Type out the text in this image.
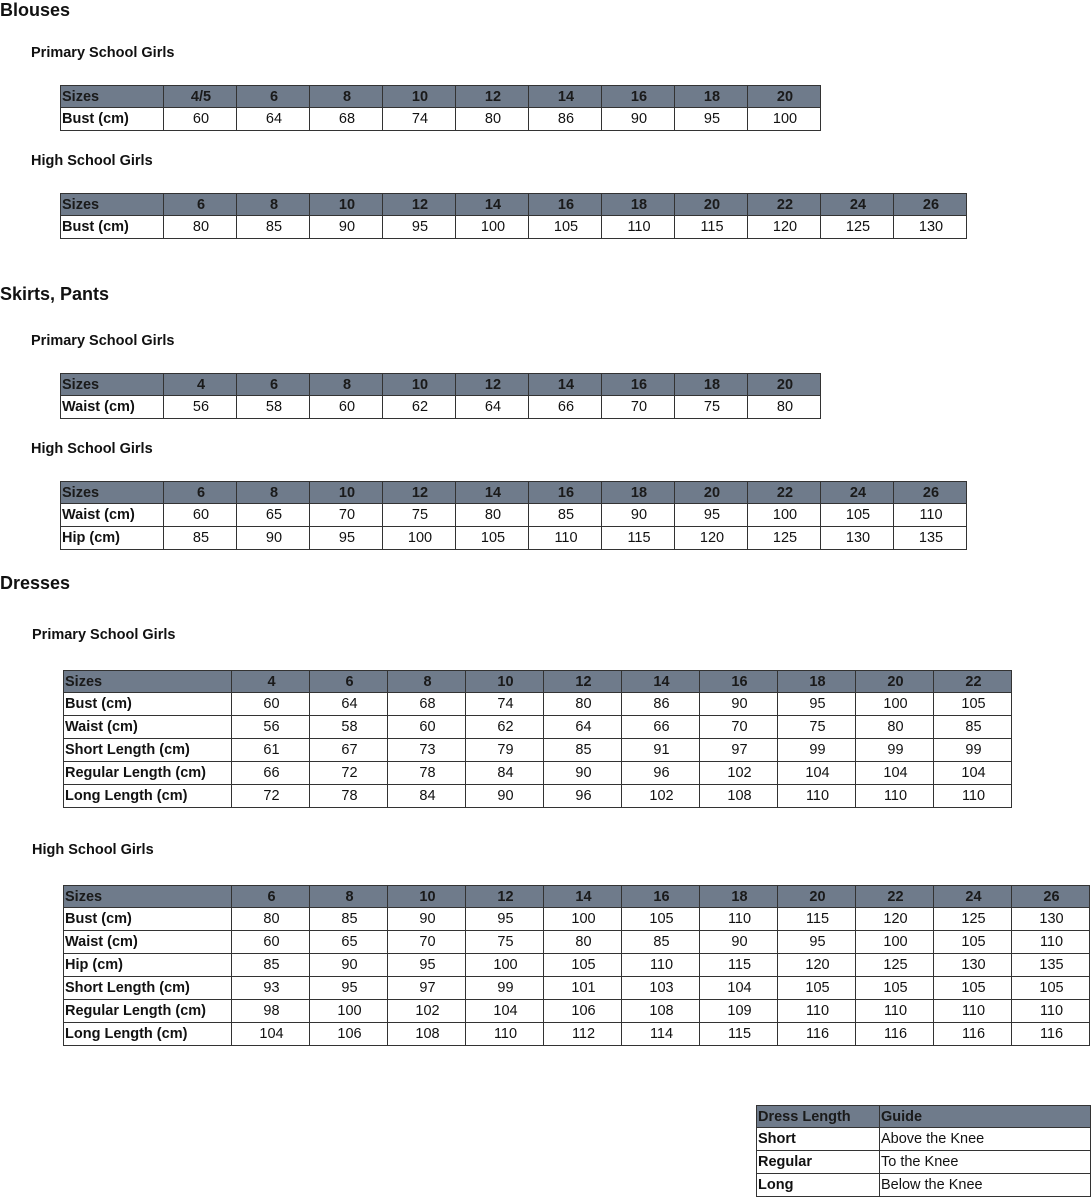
Blouses
Primary School Girls
Sizes	4/5	6	8	10	12	14	16	18	20
Bust (cm)	60	64	68	74	80	86	90	95	100
High School Girls
Sizes	6	8	10	12	14	16	18	20	22	24	26
Bust (cm)	80	85	90	95	100	105	110	115	120	125	130
Skirts, Pants
Primary School Girls
Sizes	4	6	8	10	12	14	16	18	20
Waist (cm)	56	58	60	62	64	66	70	75	80
High School Girls
Sizes	6	8	10	12	14	16	18	20	22	24	26
Waist (cm)	60	65	70	75	80	85	90	95	100	105	110
Hip (cm)	85	90	95	100	105	110	115	120	125	130	135
Dresses
Primary School Girls
Sizes	4	6	8	10	12	14	16	18	20	22
Bust (cm)	60	64	68	74	80	86	90	95	100	105
Waist (cm)	56	58	60	62	64	66	70	75	80	85
Short Length (cm)	61	67	73	79	85	91	97	99	99	99
Regular Length (cm)	66	72	78	84	90	96	102	104	104	104
Long Length (cm)	72	78	84	90	96	102	108	110	110	110
High School Girls
Sizes	6	8	10	12	14	16	18	20	22	24	26
Bust (cm)	80	85	90	95	100	105	110	115	120	125	130
Waist (cm)	60	65	70	75	80	85	90	95	100	105	110
Hip (cm)	85	90	95	100	105	110	115	120	125	130	135
Short Length (cm)	93	95	97	99	101	103	104	105	105	105	105
Regular Length (cm)	98	100	102	104	106	108	109	110	110	110	110
Long Length (cm)	104	106	108	110	112	114	115	116	116	116	116
Dress Length	Guide
Short	Above the Knee
Regular	To the Knee
Long	Below the Knee
